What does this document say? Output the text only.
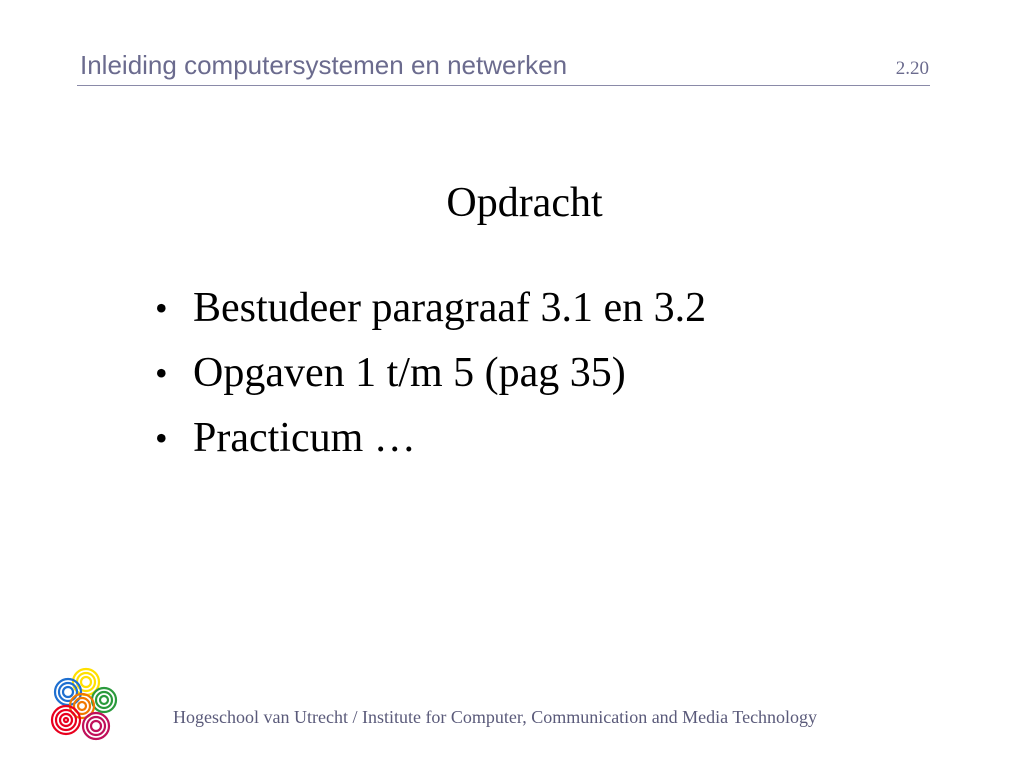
Inleiding computersystemen en netwerken	2.20
Opdracht
• Bestudeer paragraaf 3.1 en 3.2
• Opgaven 1 t/m 5 (pag 35)
• Practicum …
Hogeschool van Utrecht / Institute for Computer, Communication and Media Technology
